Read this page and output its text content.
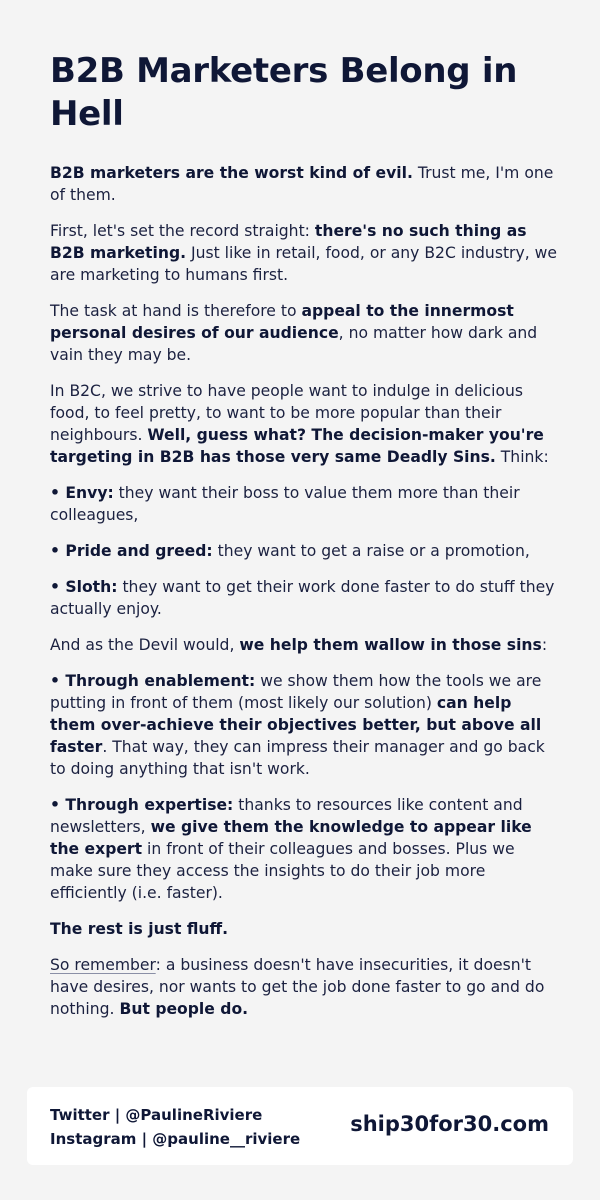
B2B Marketers Belong in Hell

B2B marketers are the worst kind of evil. Trust me, I'm one of them.

First, let's set the record straight: there's no such thing as B2B marketing. Just like in retail, food, or any B2C industry, we are marketing to humans first.

The task at hand is therefore to appeal to the innermost personal desires of our audience, no matter how dark and vain they may be.

In B2C, we strive to have people want to indulge in delicious food, to feel pretty, to want to be more popular than their neighbours. Well, guess what? The decision-maker you're targeting in B2B has those very same Deadly Sins. Think:

• Envy: they want their boss to value them more than their colleagues,

• Pride and greed: they want to get a raise or a promotion,

• Sloth: they want to get their work done faster to do stuff they actually enjoy.

And as the Devil would, we help them wallow in those sins:

• Through enablement: we show them how the tools we are putting in front of them (most likely our solution) can help them over-achieve their objectives better, but above all faster. That way, they can impress their manager and go back to doing anything that isn't work.

• Through expertise: thanks to resources like content and newsletters, we give them the knowledge to appear like the expert in front of their colleagues and bosses. Plus we make sure they access the insights to do their job more efficiently (i.e. faster).

The rest is just fluff.

So remember: a business doesn't have insecurities, it doesn't have desires, nor wants to get the job done faster to go and do nothing. But people do.

Twitter | @PaulineRiviere
Instagram | @pauline__riviere
ship30for30.com
